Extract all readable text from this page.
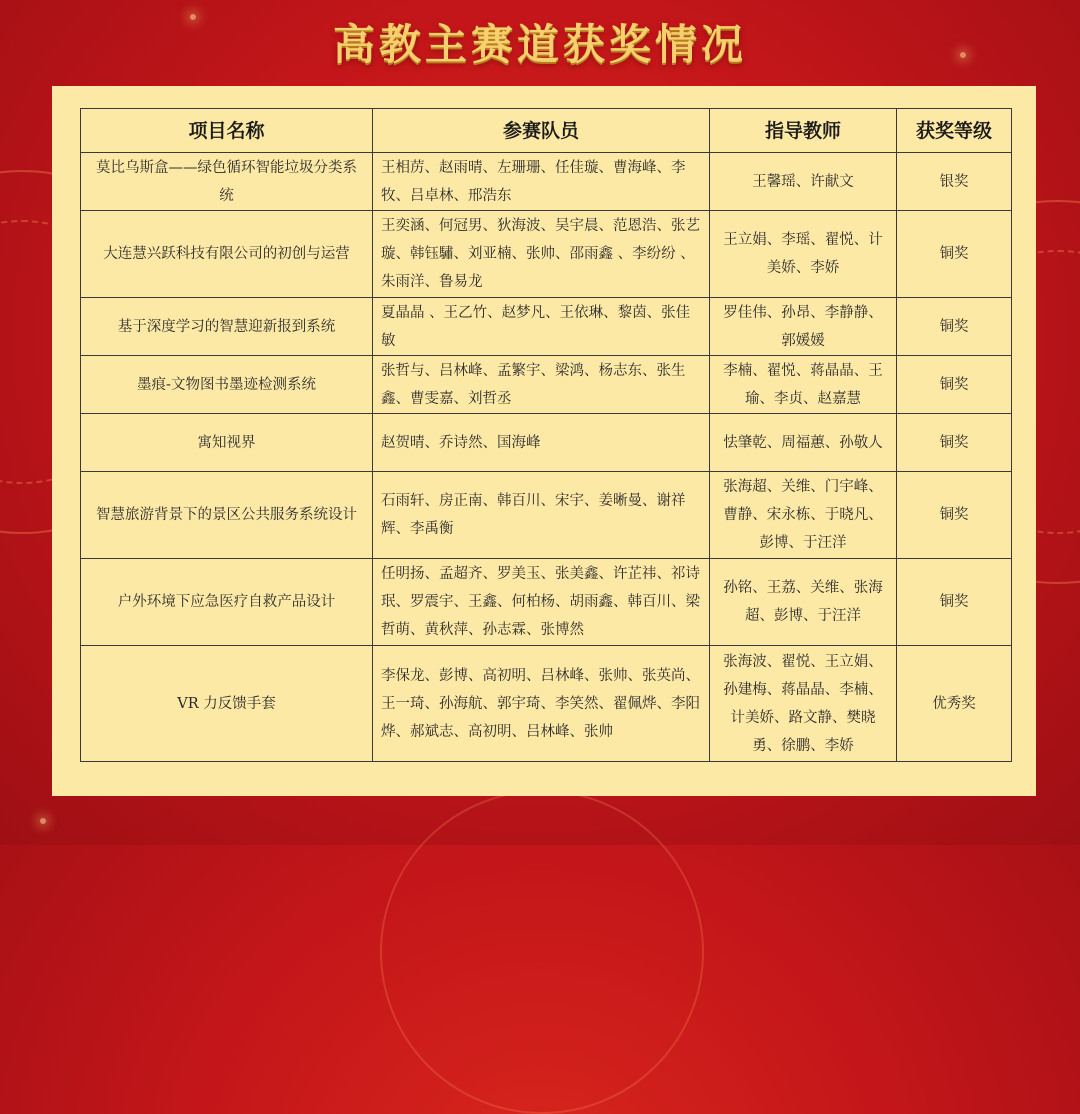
高教主赛道获奖情况
项目名称	参赛队员	指导教师	获奖等级
莫比乌斯盒——绿色循环智能垃圾分类系统	王相苈、赵雨晴、左珊珊、任佳璇、曹海峰、李牧、吕卓林、邢浩东	王馨瑶、许献文	银奖
大连慧兴跃科技有限公司的初创与运营	王奕涵、何冠男、狄海波、吴宇晨、范恩浩、张艺璇、韩钰驌、刘亚楠、张帅、邵雨鑫 、李纷纷 、朱雨洋、鲁易龙	王立娟、李瑶、翟悦、计美娇、李娇	铜奖
基于深度学习的智慧迎新报到系统	夏晶晶 、王乙竹、赵梦凡、王依琳、黎茵、张佳敏	罗佳伟、孙昂、李静静、郭媛媛	铜奖
墨痕-文物图书墨迹检测系统	张哲与、吕林峰、孟繁宇、梁鸿、杨志东、张生鑫、曹雯嘉、刘哲丞	李楠、翟悦、蒋晶晶、王瑜、李贞、赵嘉慧	铜奖
寓知视界	赵贺晴、乔诗然、国海峰	怯肇乾、周福蕙、孙敬人	铜奖
智慧旅游背景下的景区公共服务系统设计	石雨轩、房正南、韩百川、宋宇、姜晰曼、谢祥辉、李禹衡	张海超、关维、门宇峰、曹静、宋永栋、于晓凡、彭博、于汪洋	铜奖
户外环境下应急医疗自救产品设计	任明扬、孟超齐、罗美玉、张美鑫、许芷祎、祁诗珉、罗震宇、王鑫、何柏杨、胡雨鑫、韩百川、梁哲萌、黄秋萍、孙志霖、张博然	孙铭、王荔、关维、张海超、彭博、于汪洋	铜奖
VR 力反馈手套	李保龙、彭博、高初明、吕林峰、张帅、张英尚、王一琦、孙海航、郭宇琦、李笑然、翟佩烨、李阳烨、郝斌志、高初明、吕林峰、张帅	张海波、翟悦、王立娟、孙建梅、蒋晶晶、李楠、计美娇、路文静、樊晓勇、徐鹏、李娇	优秀奖
